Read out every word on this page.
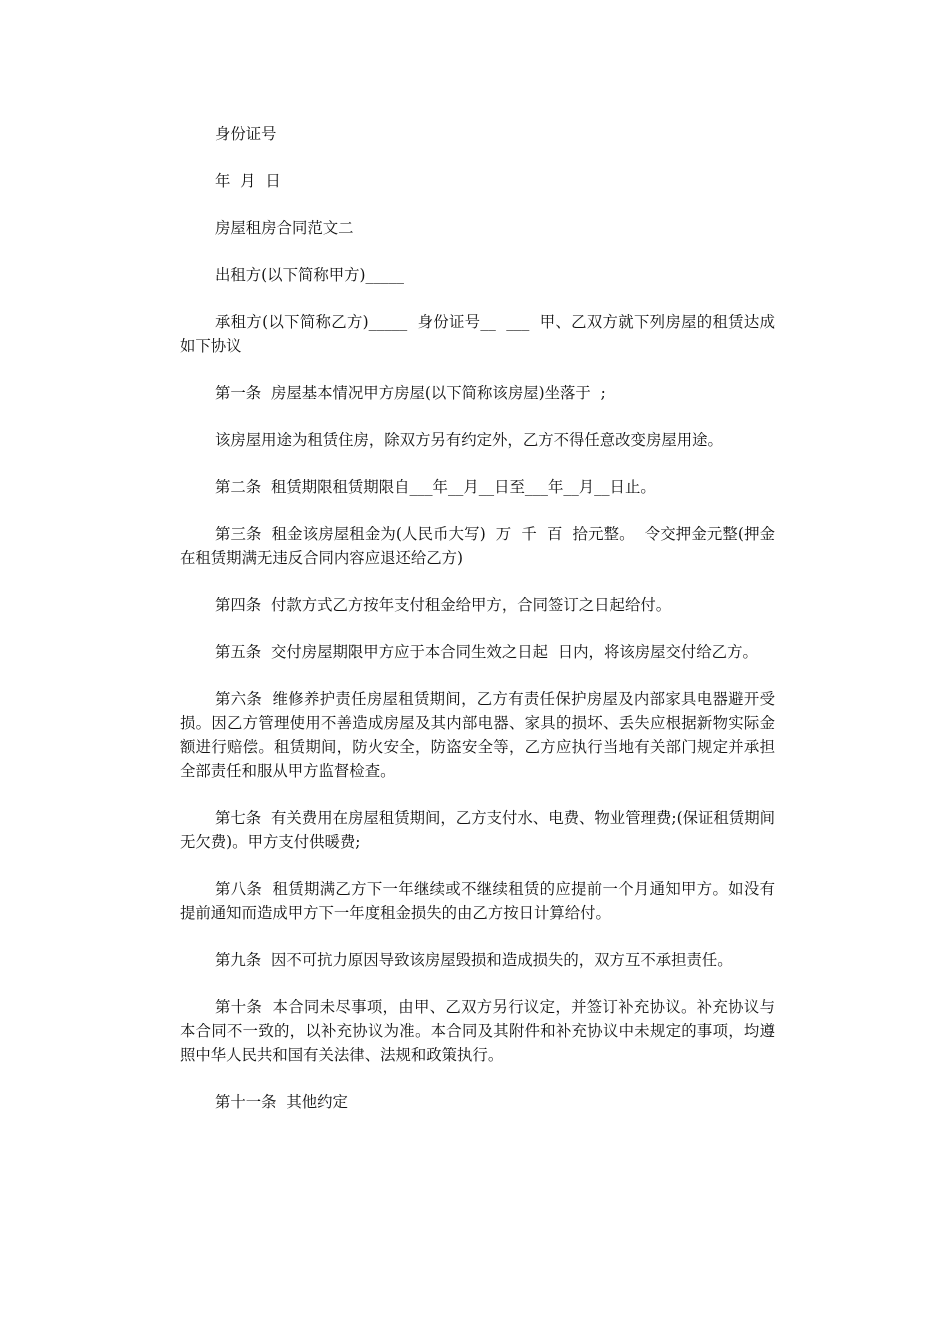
身份证号

年  月  日

房屋租房合同范文二

出租方(以下简称甲方)_____

承租方(以下简称乙方)_____  身份证号__  ___  甲、乙双方就下列房屋的租赁达成如下协议

第一条  房屋基本情况甲方房屋(以下简称该房屋)坐落于  ;

该房屋用途为租赁住房，除双方另有约定外，乙方不得任意改变房屋用途。

第二条  租赁期限租赁期限自___年__月__日至___年__月__日止。

第三条  租金该房屋租金为(人民币大写)  万  千  百  拾元整。  令交押金元整(押金在租赁期满无违反合同内容应退还给乙方)

第四条  付款方式乙方按年支付租金给甲方，合同签订之日起给付。

第五条  交付房屋期限甲方应于本合同生效之日起  日内，将该房屋交付给乙方。

第六条  维修养护责任房屋租赁期间，乙方有责任保护房屋及内部家具电器避开受损。因乙方管理使用不善造成房屋及其内部电器、家具的损坏、丢失应根据新物实际金额进行赔偿。租赁期间，防火安全，防盗安全等，乙方应执行当地有关部门规定并承担全部责任和服从甲方监督检查。

第七条  有关费用在房屋租赁期间，乙方支付水、电费、物业管理费;(保证租赁期间无欠费)。甲方支付供暖费;

第八条  租赁期满乙方下一年继续或不继续租赁的应提前一个月通知甲方。如没有提前通知而造成甲方下一年度租金损失的由乙方按日计算给付。

第九条  因不可抗力原因导致该房屋毁损和造成损失的，双方互不承担责任。

第十条  本合同未尽事项，由甲、乙双方另行议定，并签订补充协议。补充协议与本合同不一致的，以补充协议为准。本合同及其附件和补充协议中未规定的事项，均遵照中华人民共和国有关法律、法规和政策执行。

第十一条  其他约定
